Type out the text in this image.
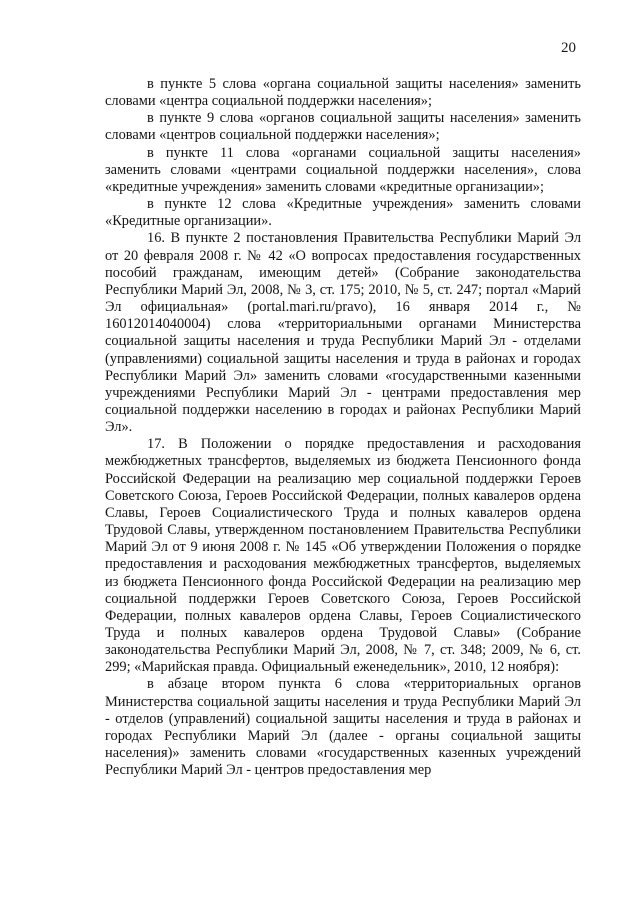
20

в пункте 5 слова «органа социальной защиты населения» заменить словами «центра социальной поддержки населения»;

в пункте 9 слова «органов социальной защиты населения» заменить словами «центров социальной поддержки населения»;

в пункте 11 слова «органами социальной защиты населения» заменить словами «центрами социальной поддержки населения», слова «кредитные учреждения» заменить словами «кредитные организации»;

в пункте 12 слова «Кредитные учреждения» заменить словами «Кредитные организации».

16. В пункте 2 постановления Правительства Республики Марий Эл от 20 февраля 2008 г. № 42 «О вопросах предоставления государственных пособий гражданам, имеющим детей» (Собрание законодательства Республики Марий Эл, 2008, № 3, ст. 175; 2010, № 5, ст. 247; портал «Марий Эл официальная» (portal.mari.ru/pravo), 16 января 2014 г., № 16012014040004) слова «территориальными органами Министерства социальной защиты населения и труда Республики Марий Эл - отделами (управлениями) социальной защиты населения и труда в районах и городах Республики Марий Эл» заменить словами «государственными казенными учреждениями Республики Марий Эл - центрами предоставления мер социальной поддержки населению в городах и районах Республики Марий Эл».

17. В Положении о порядке предоставления и расходования межбюджетных трансфертов, выделяемых из бюджета Пенсионного фонда Российской Федерации на реализацию мер социальной поддержки Героев Советского Союза, Героев Российской Федерации, полных кавалеров ордена Славы, Героев Социалистического Труда и полных кавалеров ордена Трудовой Славы, утвержденном постановлением Правительства Республики Марий Эл от 9 июня 2008 г. № 145 «Об утверждении Положения о порядке предоставления и расходования межбюджетных трансфертов, выделяемых из бюджета Пенсионного фонда Российской Федерации на реализацию мер социальной поддержки Героев Советского Союза, Героев Российской Федерации, полных кавалеров ордена Славы, Героев Социалистического Труда и полных кавалеров ордена Трудовой Славы» (Собрание законодательства Республики Марий Эл, 2008, № 7, ст. 348; 2009, № 6, ст. 299; «Марийская правда. Официальный еженедельник», 2010, 12 ноября):

в абзаце втором пункта 6 слова «территориальных органов Министерства социальной защиты населения и труда Республики Марий Эл - отделов (управлений) социальной защиты населения и труда в районах и городах Республики Марий Эл (далее - органы социальной защиты населения)» заменить словами «государственных казенных учреждений Республики Марий Эл - центров предоставления мер
